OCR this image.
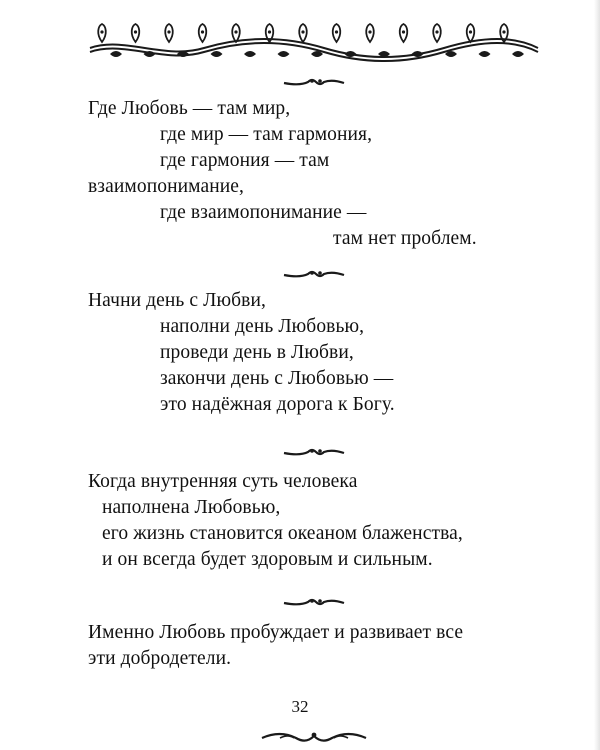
Где Любовь — там мир,
где мир — там гармония,
где гармония — там
взаимопонимание,
где взаимопонимание —
там нет проблем.
Начни день с Любви,
наполни день Любовью,
проведи день в Любви,
закончи день с Любовью —
это надёжная дорога к Богу.
Когда внутренняя суть человека
наполнена Любовью,
его жизнь становится океаном блаженства,
и он всегда будет здоровым и сильным.
Именно Любовь пробуждает и развивает все
эти добродетели.
32
